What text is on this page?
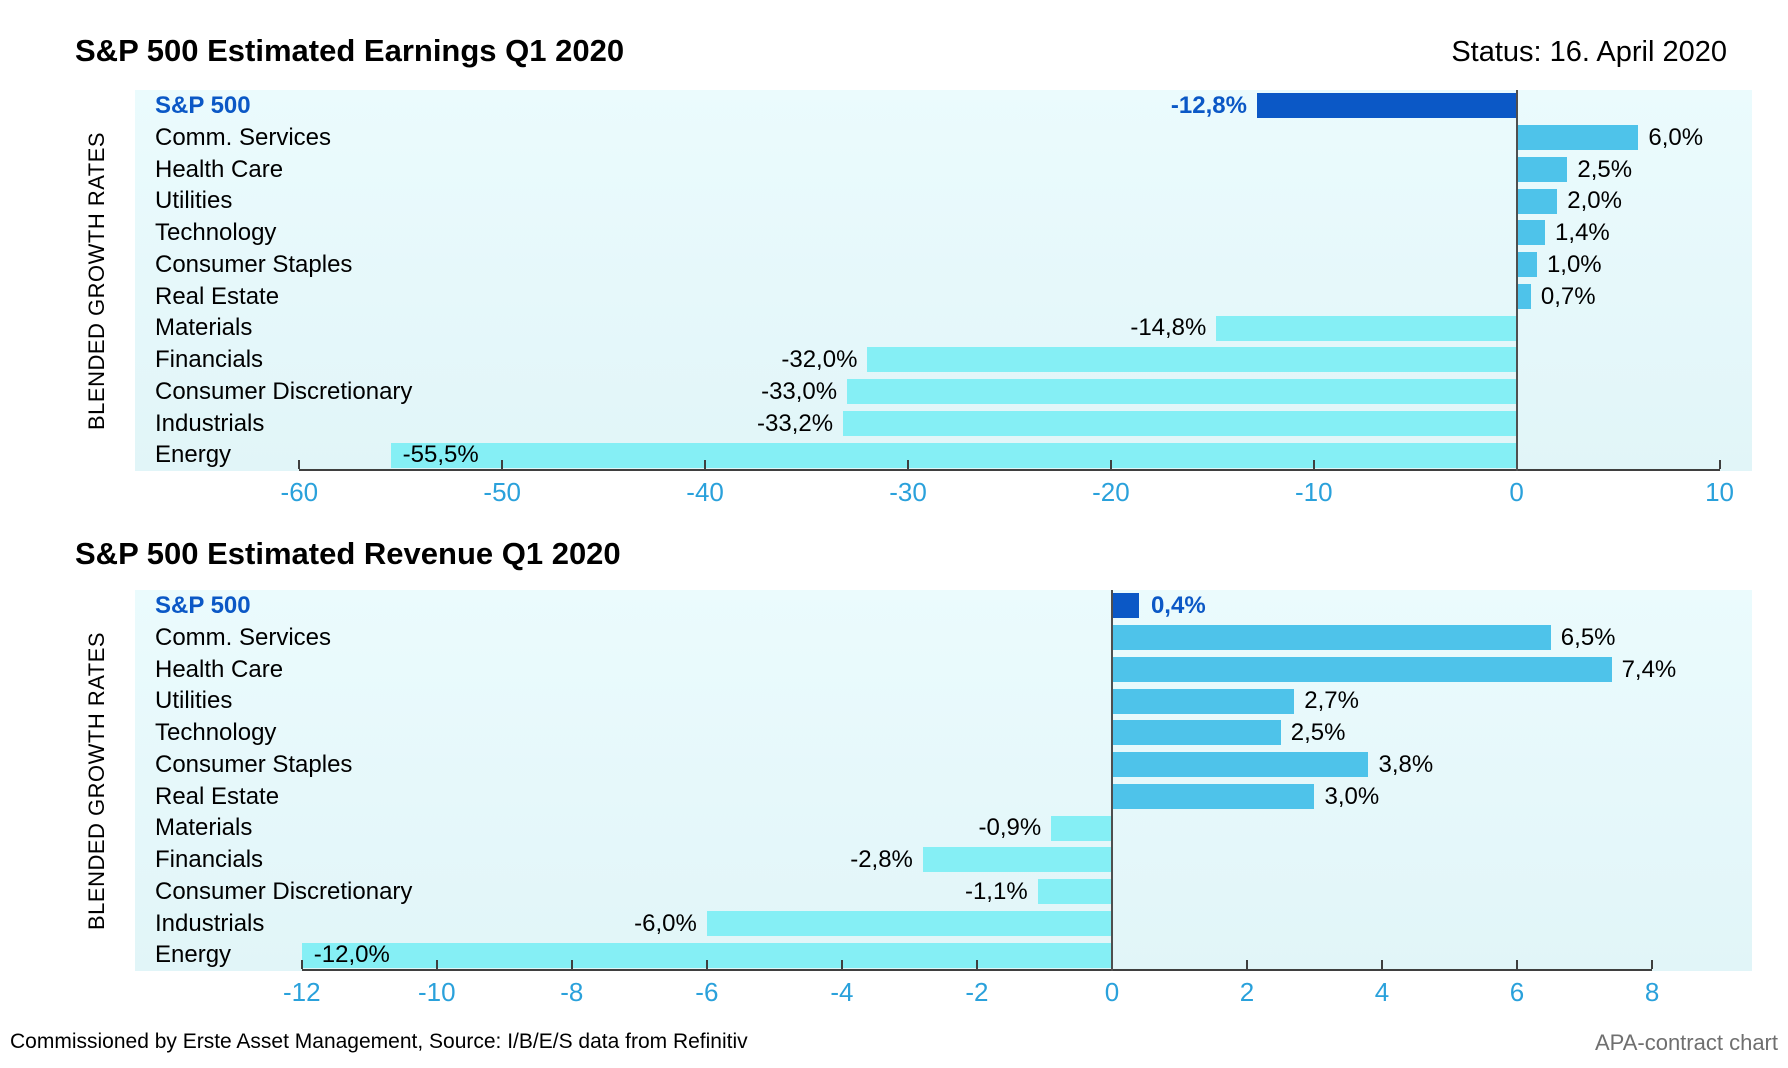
S&P 500 Estimated Earnings Q1 2020	Status: 16. April 2020
BLENDED GROWTH RATES
-60	-50	-40	-30	-20	-10	0	10
S&P 500	-12,8%
Comm. Services	6,0%
Health Care	2,5%
Utilities	2,0%
Technology	1,4%
Consumer Staples	1,0%
Real Estate	0,7%
Materials	-14,8%
Financials	-32,0%
Consumer Discretionary	-33,0%
Industrials	-33,2%
Energy	-55,5%
S&P 500 Estimated Revenue Q1 2020
BLENDED GROWTH RATES
-12	-10	-8	-6	-4	-2	0	2	4	6	8
S&P 500	0,4%
Comm. Services	6,5%
Health Care	7,4%
Utilities	2,7%
Technology	2,5%
Consumer Staples	3,8%
Real Estate	3,0%
Materials	-0,9%
Financials	-2,8%
Consumer Discretionary	-1,1%
Industrials	-6,0%
Energy	-12,0%
Commissioned by Erste Asset Management, Source: I/B/E/S data from Refinitiv	APA-contract chart
